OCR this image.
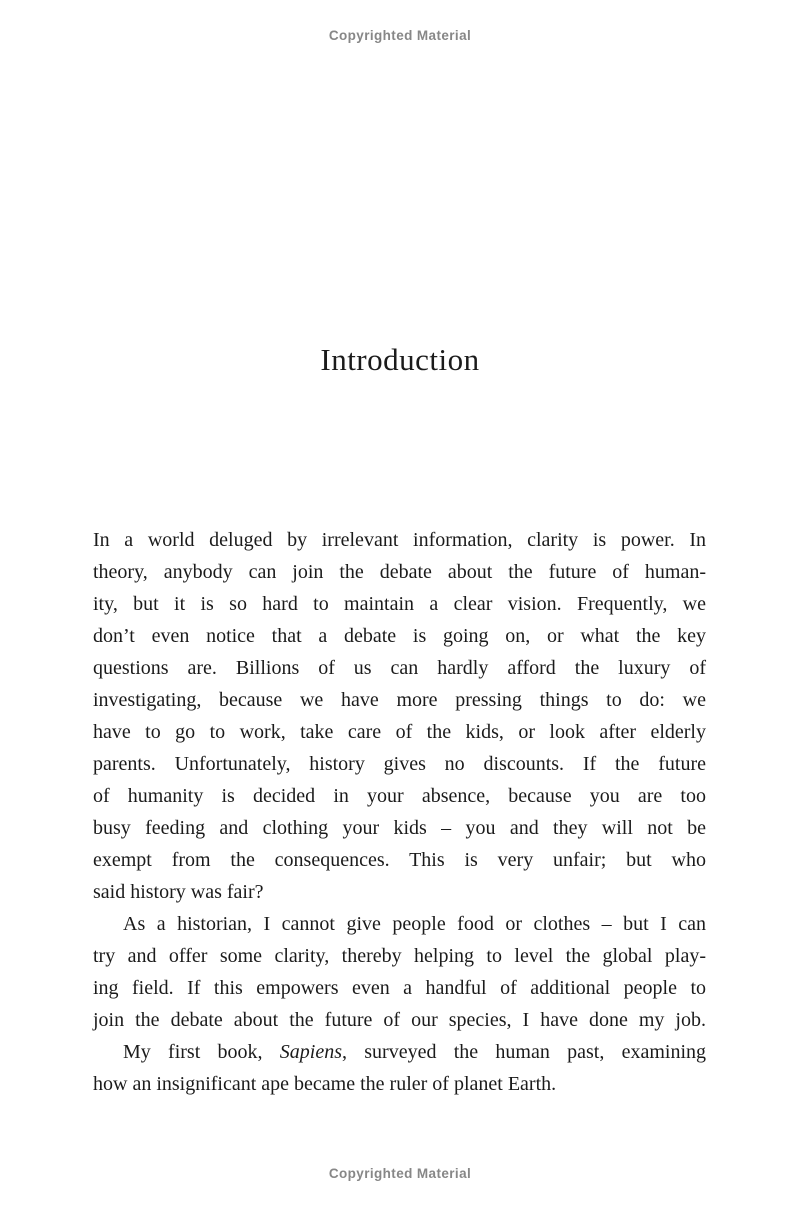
Copyrighted Material
Introduction
In a world deluged by irrelevant information, clarity is power. In
theory, anybody can join the debate about the future of human-
ity, but it is so hard to maintain a clear vision. Frequently, we
don’t even notice that a debate is going on, or what the key
questions are. Billions of us can hardly afford the luxury of
investigating, because we have more pressing things to do: we
have to go to work, take care of the kids, or look after elderly
parents. Unfortunately, history gives no discounts. If the future
of humanity is decided in your absence, because you are too
busy feeding and clothing your kids – you and they will not be
exempt from the consequences. This is very unfair; but who
said history was fair?
As a historian, I cannot give people food or clothes – but I can
try and offer some clarity, thereby helping to level the global play-
ing field. If this empowers even a handful of additional people to
join the debate about the future of our species, I have done my job.
My first book, Sapiens, surveyed the human past, examining
how an insignificant ape became the ruler of planet Earth.
Copyrighted Material
